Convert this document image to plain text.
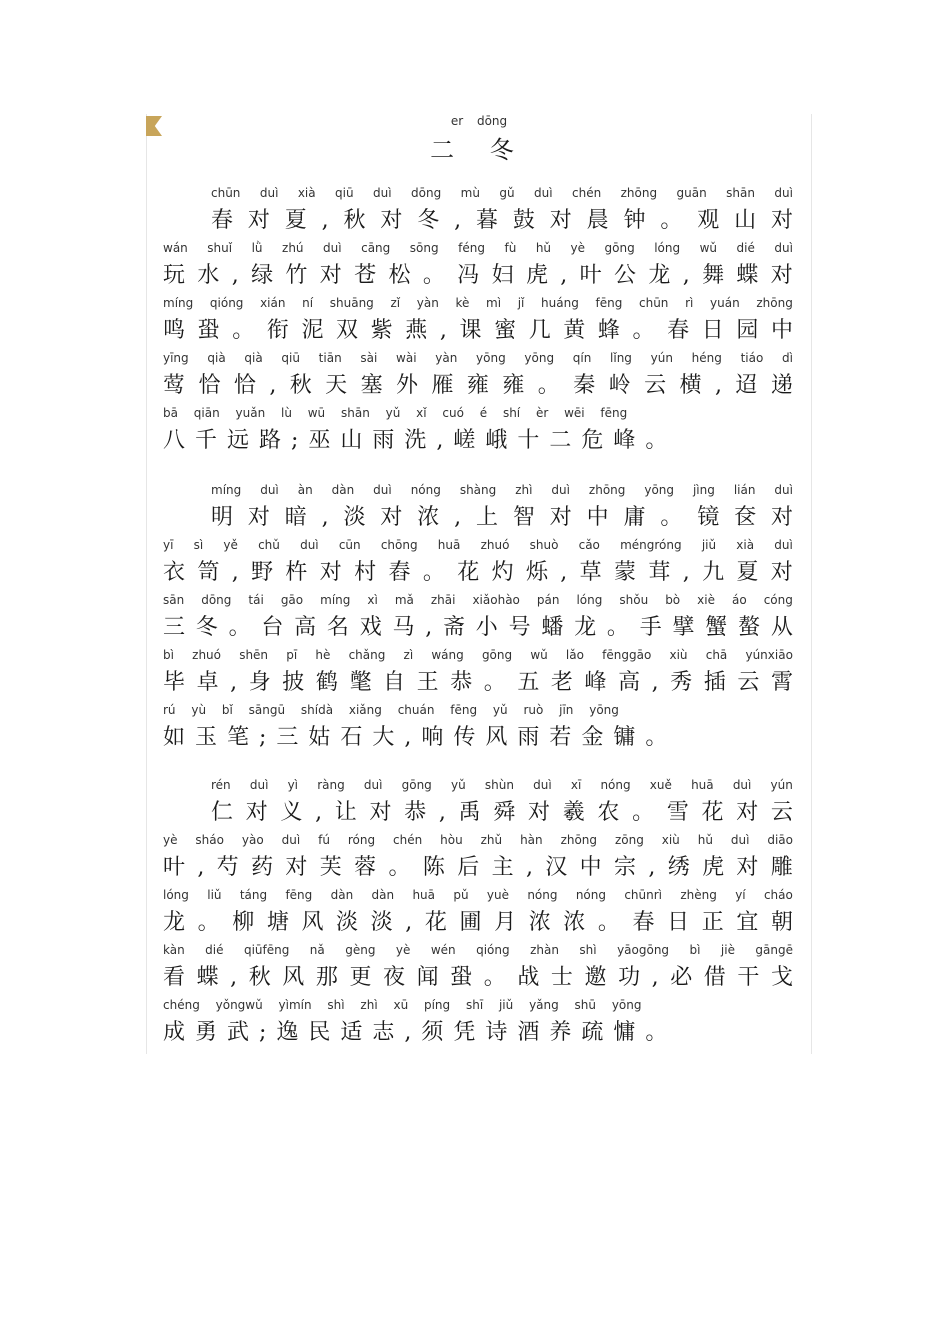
er dōng
二 冬
chūn duì xià qiū duì dōng mù gǔ duì chén zhōng guān shān duì
春 对 夏 , 秋 对 冬 , 暮 鼓 对 晨 钟 。 观 山 对
wán shuǐ lǜ zhú duì cāng sōng féng fù hǔ yè gōng lóng wǔ dié duì
玩 水 , 绿 竹 对 苍 松 。 冯 妇 虎 , 叶 公 龙 , 舞 蝶 对
míng qióng xián ní shuāng zǐ yàn kè mì jǐ huáng fēng chūn rì yuán zhōng
鸣 蛩 。 衔 泥 双 紫 燕 , 课 蜜 几 黄 蜂 。 春 日 园 中
yīng qià qià qiū tiān sài wài yàn yōng yōng qín lǐng yún héng tiáo dì
莺 恰 恰 , 秋 天 塞 外 雁 雍 雍 。 秦 岭 云 横 , 迢 递
bā qiān yuǎn lù wū shān yǔ xǐ cuó é shí èr wēi fēng
八千远路;巫山雨洗,嵯峨十二危峰。
míng duì àn dàn duì nóng shàng zhì duì zhōng yōng jìng lián duì
明 对 暗 , 淡 对 浓 , 上 智 对 中 庸 。 镜 奁 对
yī sì yě chǔ duì cūn chōng huā zhuó shuò cǎo méngróng jiǔ xià duì
衣 笥 , 野 杵 对 村 舂 。 花 灼 烁 , 草 蒙 茸 , 九 夏 对
sān dōng tái gāo míng xì mǎ zhāi xiǎohào pán lóng shǒu bò xiè áo cóng
三 冬 。 台 高 名 戏 马 , 斋 小 号 蟠 龙 。 手 擘 蟹 螯 从
bì zhuó shēn pī hè chǎng zì wáng gōng wǔ lǎo fēnggāo xiù chā yúnxiāo
毕 卓 , 身 披 鹤 氅 自 王 恭 。 五 老 峰 高 , 秀 插 云 霄
rú yù bǐ sāngū shídà xiǎng chuán fēng yǔ ruò jīn yōng
如玉笔;三姑石大,响传风雨若金镛。
rén duì yì ràng duì gōng yǔ shùn duì xī nóng xuě huā duì yún
仁 对 义 , 让 对 恭 , 禹 舜 对 羲 农 。 雪 花 对 云
yè sháo yào duì fú róng chén hòu zhǔ hàn zhōng zōng xiù hǔ duì diāo
叶 , 芍 药 对 芙 蓉 。 陈 后 主 , 汉 中 宗 , 绣 虎 对 雕
lóng liǔ táng fēng dàn dàn huā pǔ yuè nóng nóng chūnrì zhèng yí cháo
龙 。 柳 塘 风 淡 淡 , 花 圃 月 浓 浓 。 春 日 正 宜 朝
kàn dié qiūfēng nǎ gèng yè wén qióng zhàn shì yāogōng bì jiè gāngē
看 蝶 , 秋 风 那 更 夜 闻 蛩 。 战 士 邀 功 , 必 借 干 戈
chéng yǒngwǔ yìmín shì zhì xū píng shī jiǔ yǎng shū yōng
成勇武;逸民适志,须凭诗酒养疏慵。
